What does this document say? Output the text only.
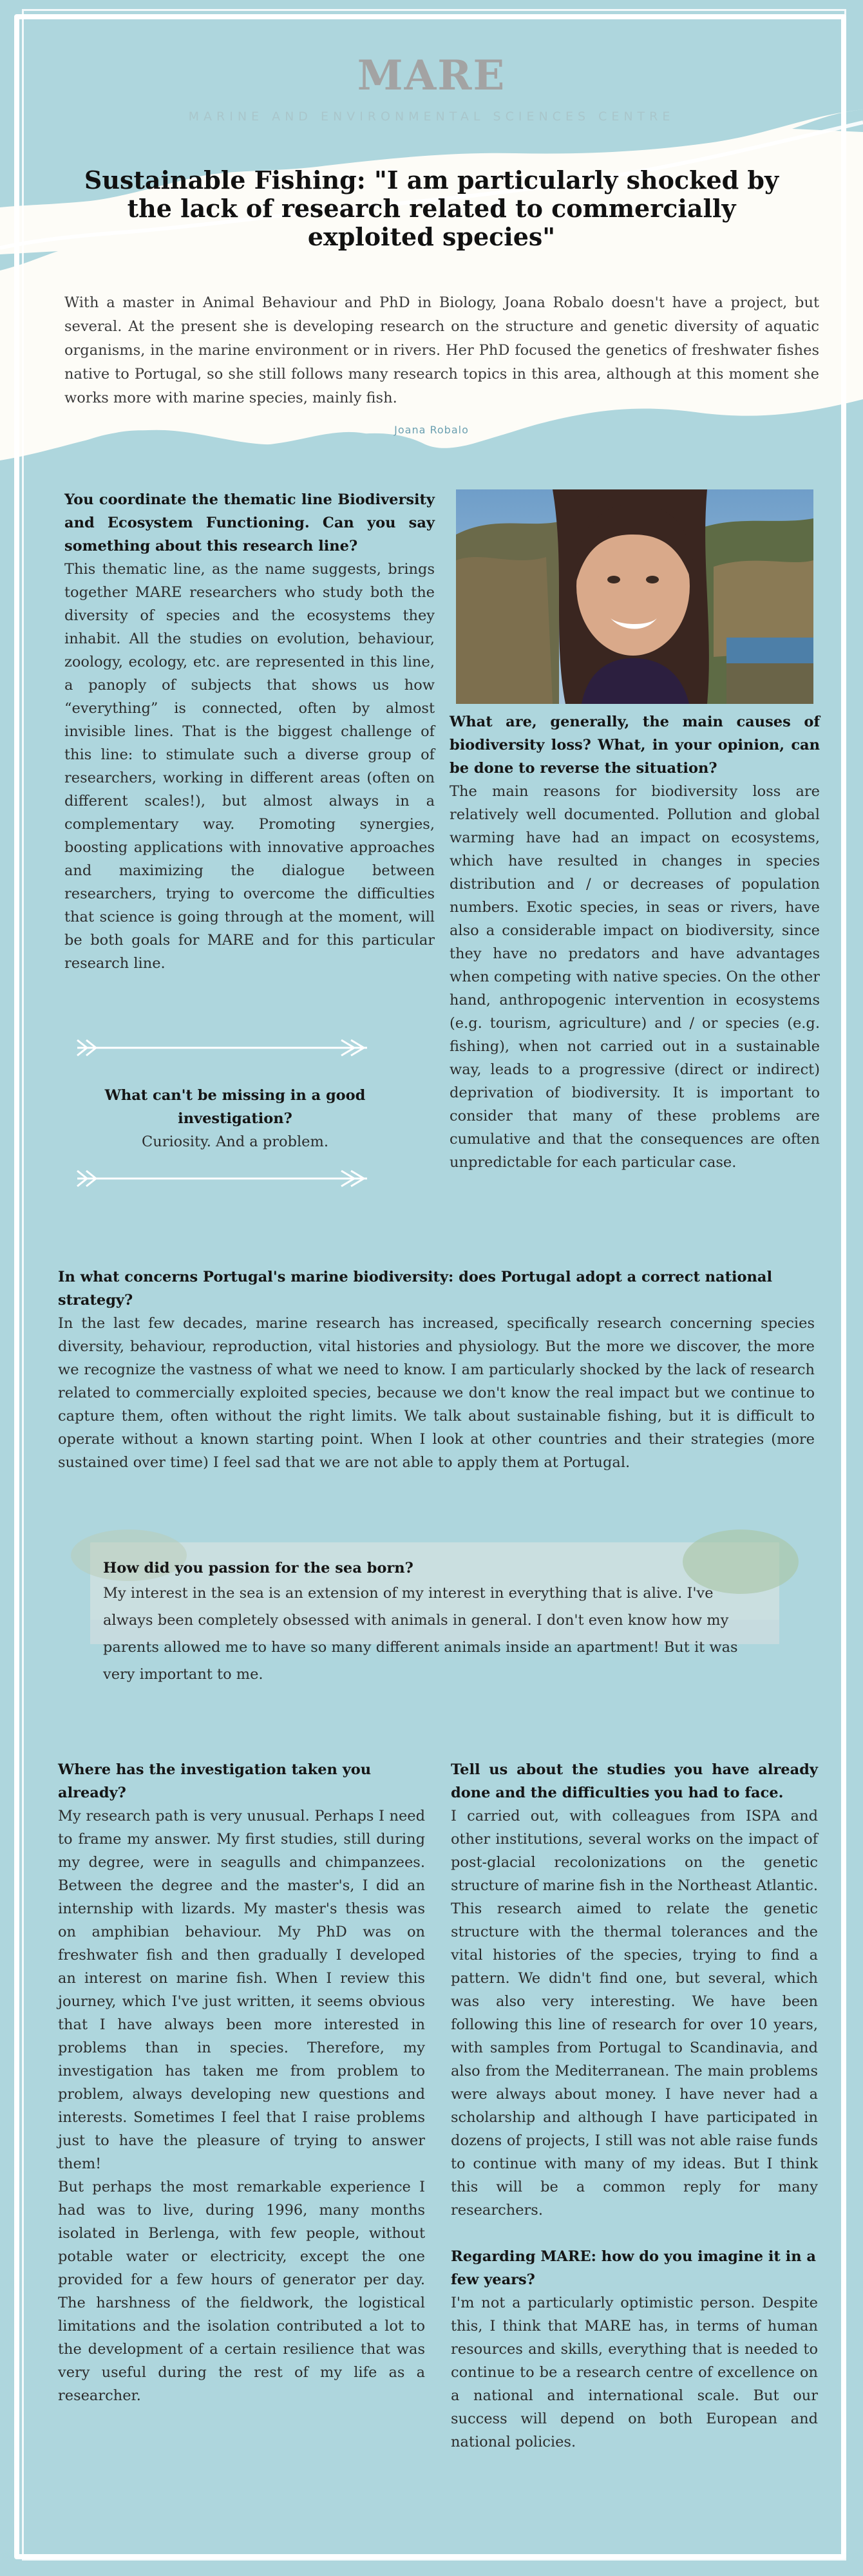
MARE
MARINE AND ENVIRONMENTAL SCIENCES CENTRE
Sustainable Fishing: "I am particularly shocked by the lack of research related to commercially exploited species"
With a master in Animal Behaviour and PhD in Biology, Joana Robalo doesn't have a project, but several. At the present she is developing research on the structure and genetic diversity of aquatic organisms, in the marine environment or in rivers. Her PhD focused the genetics of freshwater fishes native to Portugal, so she still follows many research topics in this area, although at this moment she works more with marine species, mainly fish.
Joana Robalo
You coordinate the thematic line Biodiversity and Ecosystem Functioning. Can you say something about this research line?
This thematic line, as the name suggests, brings together MARE researchers who study both the diversity of species and the ecosystems they inhabit. All the studies on evolution, behaviour, zoology, ecology, etc. are represented in this line, a panoply of subjects that shows us how “everything” is connected, often by almost invisible lines. That is the biggest challenge of this line: to stimulate such a diverse group of researchers, working in different areas (often on different scales!), but almost always in a complementary way. Promoting synergies, boosting applications with innovative approaches and maximizing the dialogue between researchers, trying to overcome the difficulties that science is going through at the moment, will be both goals for MARE and for this particular research line.
What are, generally, the main causes of biodiversity loss? What, in your opinion, can be done to reverse the situation?
The main reasons for biodiversity loss are relatively well documented. Pollution and global warming have had an impact on ecosystems, which have resulted in changes in species distribution and / or decreases of population numbers. Exotic species, in seas or rivers, have also a considerable impact on biodiversity, since they have no predators and have advantages when competing with native species. On the other hand, anthropogenic intervention in ecosystems (e.g. tourism, agriculture) and / or species (e.g. fishing), when not carried out in a sustainable way, leads to a progressive (direct or indirect) deprivation of biodiversity. It is important to consider that many of these problems are cumulative and that the consequences are often unpredictable for each particular case.
What can't be missing in a good investigation?
Curiosity. And a problem.
In what concerns Portugal's marine biodiversity: does Portugal adopt a correct national strategy?
In the last few decades, marine research has increased, specifically research concerning species diversity, behaviour, reproduction, vital histories and physiology. But the more we discover, the more we recognize the vastness of what we need to know. I am particularly shocked by the lack of research related to commercially exploited species, because we don't know the real impact but we continue to capture them, often without the right limits. We talk about sustainable fishing, but it is difficult to operate without a known starting point. When I look at other countries and their strategies (more sustained over time) I feel sad that we are not able to apply them at Portugal.
How did you passion for the sea born?
My interest in the sea is an extension of my interest in everything that is alive. I've always been completely obsessed with animals in general. I don't even know how my parents allowed me to have so many different animals inside an apartment! But it was very important to me.
Where has the investigation taken you already?
My research path is very unusual. Perhaps I need to frame my answer. My first studies, still during my degree, were in seagulls and chimpanzees. Between the degree and the master's, I did an internship with lizards. My master's thesis was on amphibian behaviour. My PhD was on freshwater fish and then gradually I developed an interest on marine fish. When I review this journey, which I've just written, it seems obvious that I have always been more interested in problems than in species. Therefore, my investigation has taken me from problem to problem, always developing new questions and interests. Sometimes I feel that I raise problems just to have the pleasure of trying to answer them!
But perhaps the most remarkable experience I had was to live, during 1996, many months isolated in Berlenga, with few people, without potable water or electricity, except the one provided for a few hours of generator per day. The harshness of the fieldwork, the logistical limitations and the isolation contributed a lot to the development of a certain resilience that was very useful during the rest of my life as a researcher.
Tell us about the studies you have already done and the difficulties you had to face.
I carried out, with colleagues from ISPA and other institutions, several works on the impact of post-glacial recolonizations on the genetic structure of marine fish in the Northeast Atlantic. This research aimed to relate the genetic structure with the thermal tolerances and the vital histories of the species, trying to find a pattern. We didn't find one, but several, which was also very interesting. We have been following this line of research for over 10 years, with samples from Portugal to Scandinavia, and also from the Mediterranean. The main problems were always about money. I have never had a scholarship and although I have participated in dozens of projects, I still was not able raise funds to continue with many of my ideas. But I think this will be a common reply for many researchers.
Regarding MARE: how do you imagine it in a few years?
I'm not a particularly optimistic person. Despite this, I think that MARE has, in terms of human resources and skills, everything that is needed to continue to be a research centre of excellence on a national and international scale. But our success will depend on both European and national policies.
